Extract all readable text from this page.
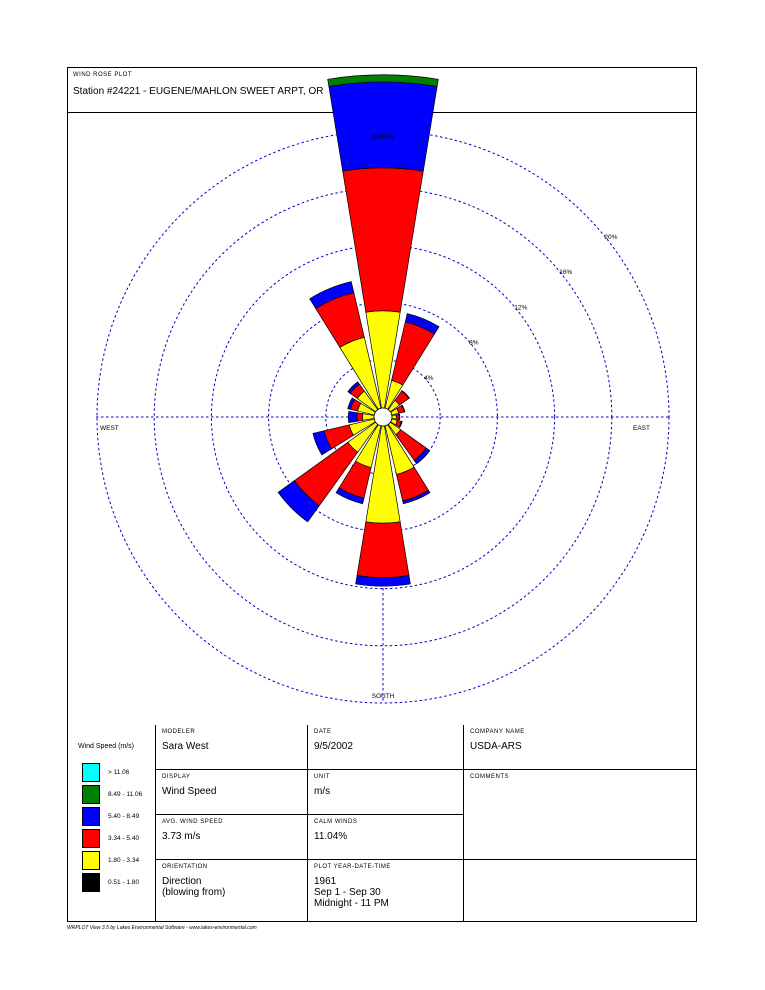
WIND ROSE PLOT
Station #24221 - EUGENE/MAHLON SWEET ARPT, OR
NORTH
SOUTH
EAST
WEST
4%
8%
12%
16%
20%
MODELER
Sara West
DATE
9/5/2002
COMPANY NAME
USDA-ARS
DISPLAY
Wind Speed
UNIT
m/s
COMMENTS
AVG. WIND SPEED
3.73 m/s
CALM WINDS
11.04%
ORIENTATION
Direction
(blowing from)
PLOT YEAR-DATE-TIME
1961
Sep 1 - Sep 30
Midnight - 11 PM
Wind Speed (m/s)
> 11.06
8.49 - 11.06
5.40 - 8.49
3.34 - 5.40
1.80 - 3.34
0.51 - 1.80
WRPLOT View 3.5 by Lakes Environmental Software - www.lakes-environmental.com
